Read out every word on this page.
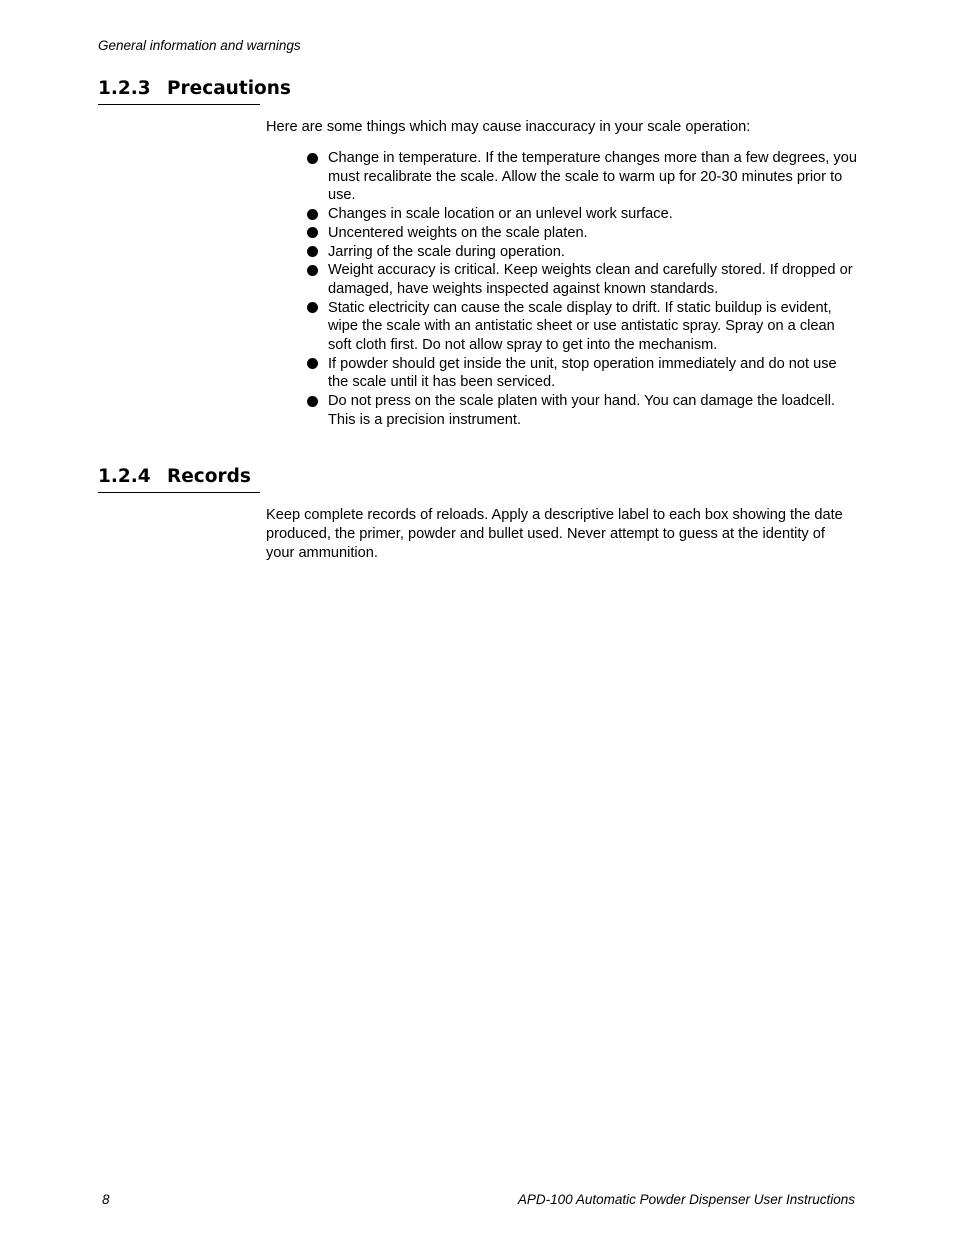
General information and warnings
1.2.3 Precautions

Here are some things which may cause inaccuracy in your scale operation:

Change in temperature. If the temperature changes more than a few degrees, you must recalibrate the scale. Allow the scale to warm up for 20-30 minutes prior to use.
Changes in scale location or an unlevel work surface.
Uncentered weights on the scale platen.
Jarring of the scale during operation.
Weight accuracy is critical. Keep weights clean and carefully stored. If dropped or damaged, have weights inspected against known standards.
Static electricity can cause the scale display to drift. If static buildup is evident, wipe the scale with an antistatic sheet or use antistatic spray. Spray on a clean soft cloth first. Do not allow spray to get into the mechanism.
If powder should get inside the unit, stop operation immediately and do not use the scale until it has been serviced.
Do not press on the scale platen with your hand. You can damage the loadcell. This is a precision instrument.
1.2.4 Records

Keep complete records of reloads. Apply a descriptive label to each box showing the date produced, the primer, powder and bullet used. Never attempt to guess at the identity of your ammunition.

8	APD-100 Automatic Powder Dispenser User Instructions
